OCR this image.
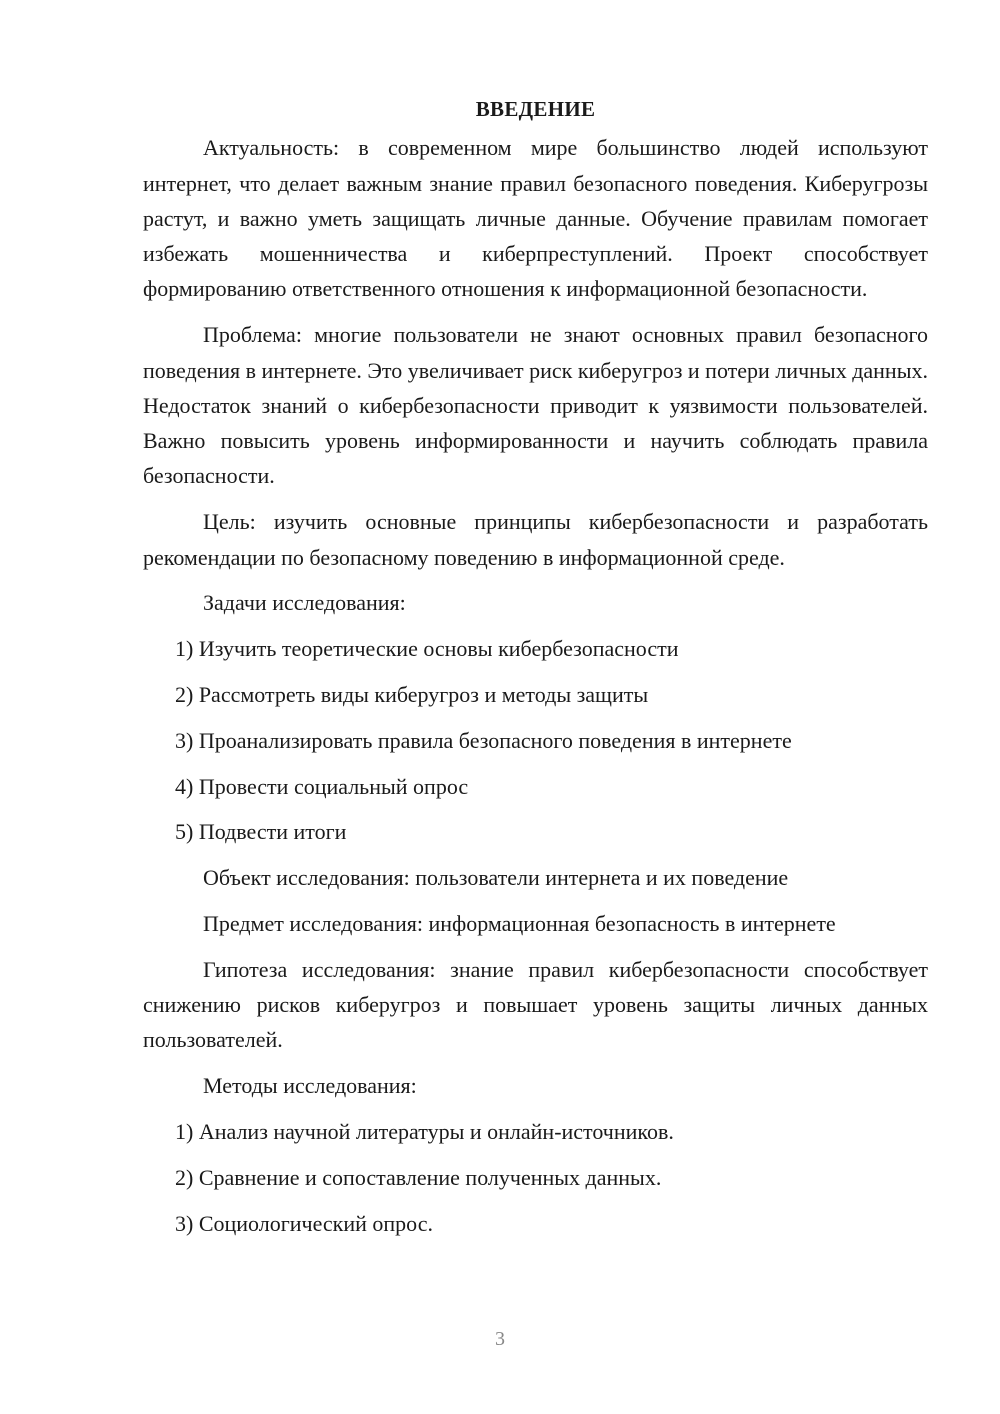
ВВЕДЕНИЕ

Актуальность: в современном мире большинство людей используют интернет, что делает важным знание правил безопасного поведения. Киберугрозы растут, и важно уметь защищать личные данные. Обучение правилам помогает избежать мошенничества и киберпреступлений. Проект способствует формированию ответственного отношения к информационной безопасности.

Проблема: многие пользователи не знают основных правил безопасного поведения в интернете. Это увеличивает риск киберугроз и потери личных данных. Недостаток знаний о кибербезопасности приводит к уязвимости пользователей. Важно повысить уровень информированности и научить соблюдать правила безопасности.

Цель: изучить основные принципы кибербезопасности и разработать рекомендации по безопасному поведению в информационной среде.

Задачи исследования:
1) Изучить теоретические основы кибербезопасности
2) Рассмотреть виды киберугроз и методы защиты
3) Проанализировать правила безопасного поведения в интернете
4) Провести социальный опрос
5) Подвести итоги
Объект исследования: пользователи интернета и их поведение
Предмет исследования: информационная безопасность в интернете

Гипотеза исследования: знание правил кибербезопасности способствует снижению рисков киберугроз и повышает уровень защиты личных данных пользователей.

Методы исследования:
1) Анализ научной литературы и онлайн-источников.
2) Сравнение и сопоставление полученных данных.
3) Социологический опрос.
3
